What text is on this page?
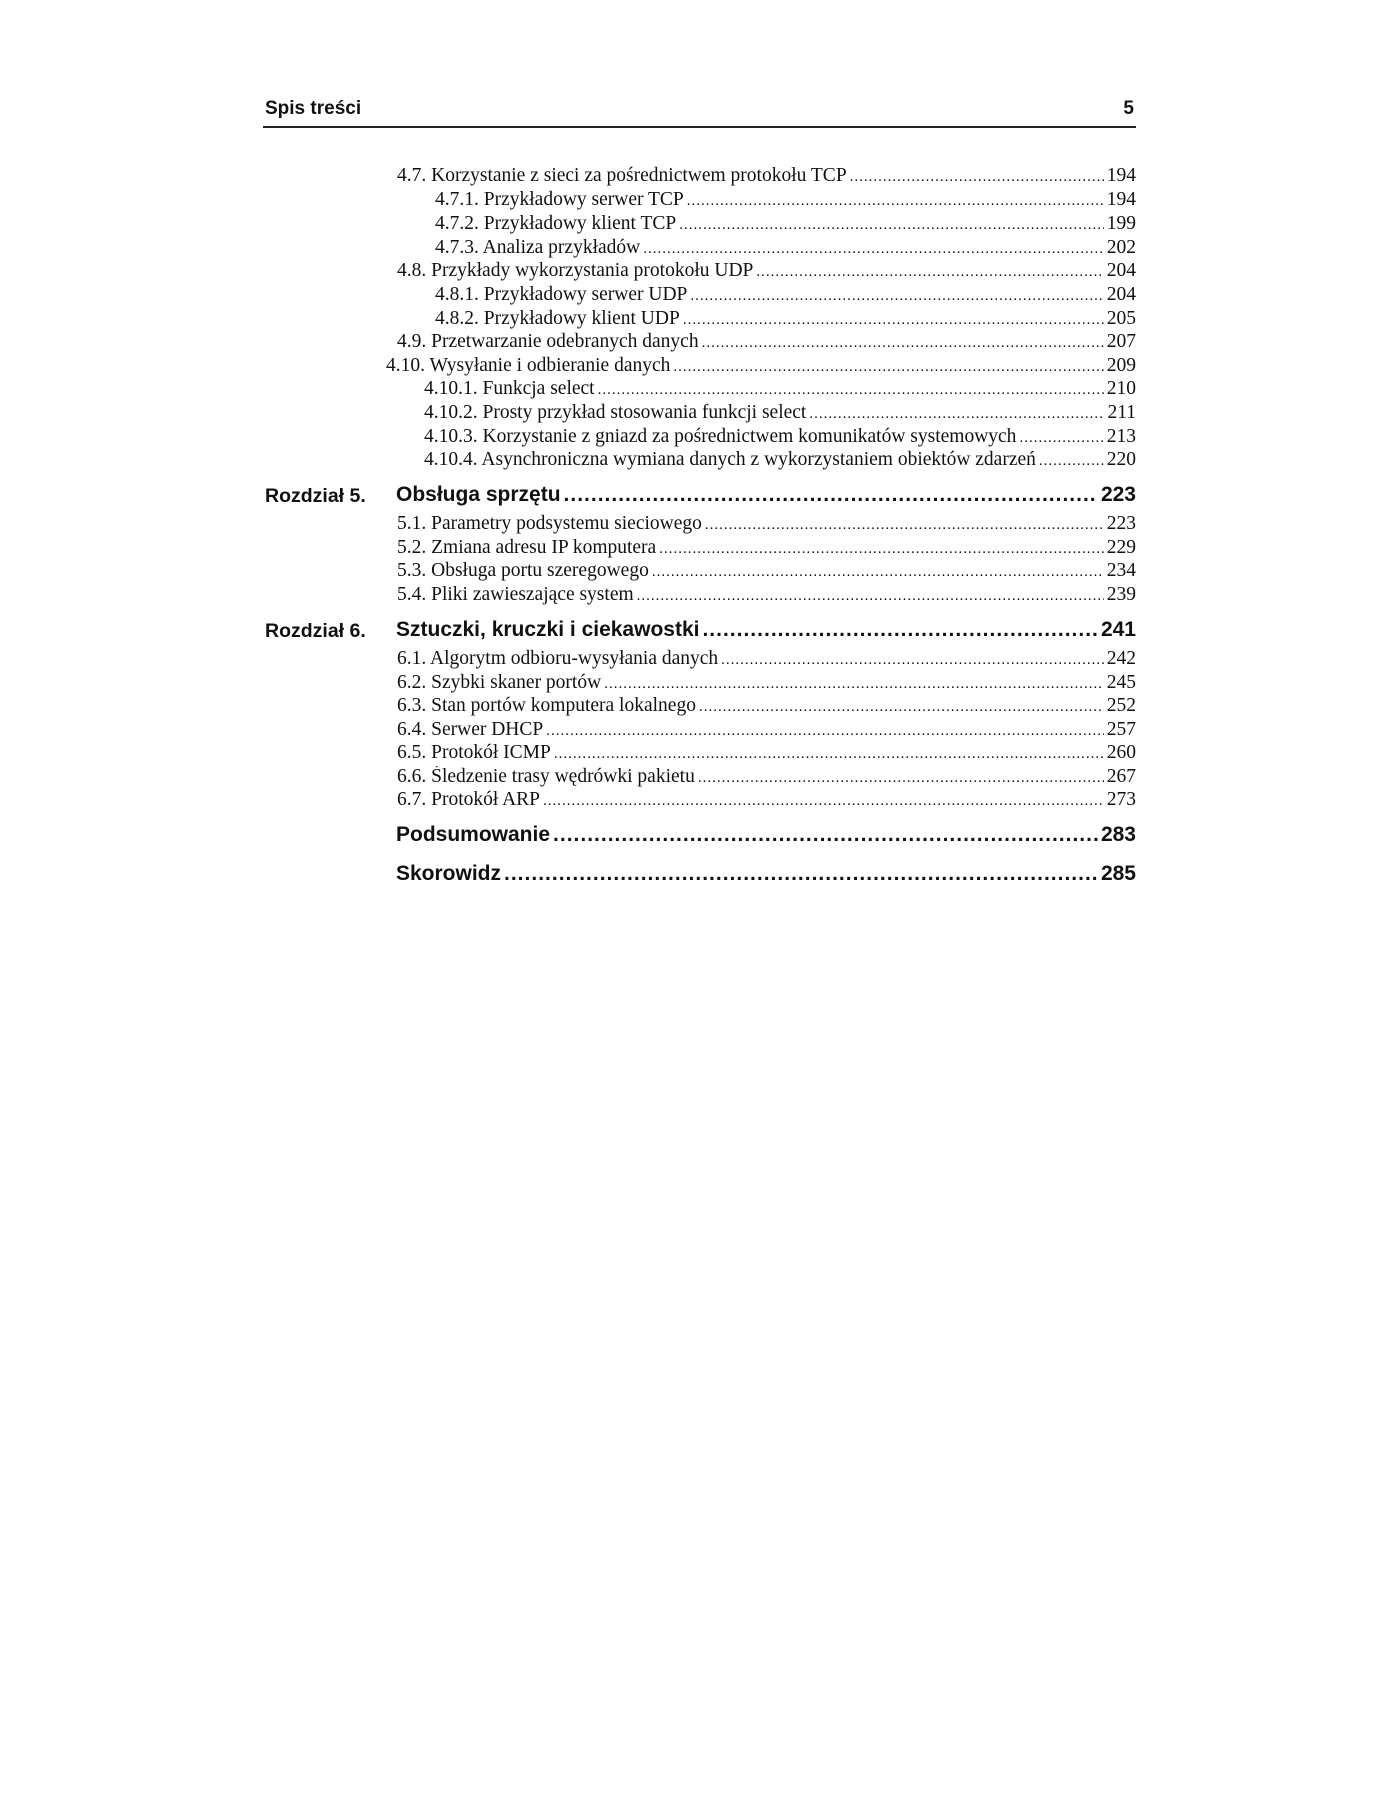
Spis treści	5
4.7. Korzystanie z sieci za pośrednictwem protokołu TCP .....	194
4.7.1. Przykładowy serwer TCP .....	194
4.7.2. Przykładowy klient TCP .....	199
4.7.3. Analiza przykładów .....	202
4.8. Przykłady wykorzystania protokołu UDP .....	204
4.8.1. Przykładowy serwer UDP .....	204
4.8.2. Przykładowy klient UDP .....	205
4.9. Przetwarzanie odebranych danych .....	207
4.10. Wysyłanie i odbieranie danych .....	209
4.10.1. Funkcja select .....	210
4.10.2. Prosty przykład stosowania funkcji select .....	211
4.10.3. Korzystanie z gniazd za pośrednictwem komunikatów systemowych .....	213
4.10.4. Asynchroniczna wymiana danych z wykorzystaniem obiektów zdarzeń .....	220
Rozdział 5. Obsługa sprzętu .....	223
5.1. Parametry podsystemu sieciowego .....	223
5.2. Zmiana adresu IP komputera .....	229
5.3. Obsługa portu szeregowego .....	234
5.4. Pliki zawieszające system .....	239
Rozdział 6. Sztuczki, kruczki i ciekawostki .....	241
6.1. Algorytm odbioru-wysyłania danych .....	242
6.2. Szybki skaner portów .....	245
6.3. Stan portów komputera lokalnego .....	252
6.4. Serwer DHCP .....	257
6.5. Protokół ICMP .....	260
6.6. Śledzenie trasy wędrówki pakietu .....	267
6.7. Protokół ARP .....	273
Podsumowanie .....	283
Skorowidz .....	285
